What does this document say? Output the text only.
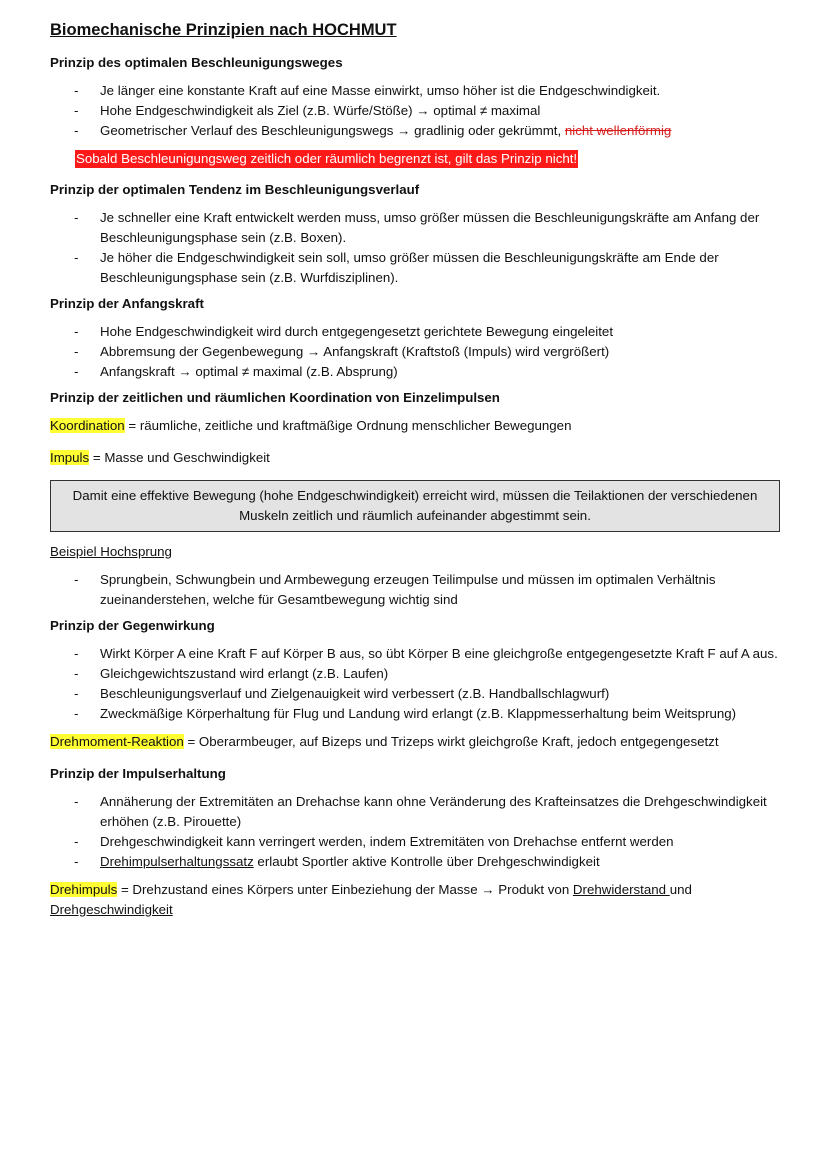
Biomechanische Prinzipien nach HOCHMUT
Prinzip des optimalen Beschleunigungsweges
- Je länger eine konstante Kraft auf eine Masse einwirkt, umso höher ist die Endgeschwindigkeit.
- Hohe Endgeschwindigkeit als Ziel (z.B. Würfe/Stöße) → optimal ≠ maximal
- Geometrischer Verlauf des Beschleunigungswegs → gradlinig oder gekrümmt, nicht wellenförmig
Sobald Beschleunigungsweg zeitlich oder räumlich begrenzt ist, gilt das Prinzip nicht!
Prinzip der optimalen Tendenz im Beschleunigungsverlauf
- Je schneller eine Kraft entwickelt werden muss, umso größer müssen die Beschleunigungskräfte am Anfang der Beschleunigungsphase sein (z.B. Boxen).
- Je höher die Endgeschwindigkeit sein soll, umso größer müssen die Beschleunigungskräfte am Ende der Beschleunigungsphase sein (z.B. Wurfdisziplinen).
Prinzip der Anfangskraft
- Hohe Endgeschwindigkeit wird durch entgegengesetzt gerichtete Bewegung eingeleitet
- Abbremsung der Gegenbewegung → Anfangskraft (Kraftstoß (Impuls) wird vergrößert)
- Anfangskraft → optimal ≠ maximal (z.B. Absprung)
Prinzip der zeitlichen und räumlichen Koordination von Einzelimpulsen

Koordination = räumliche, zeitliche und kraftmäßige Ordnung menschlicher Bewegungen

Impuls = Masse und Geschwindigkeit

Damit eine effektive Bewegung (hohe Endgeschwindigkeit) erreicht wird, müssen die Teilaktionen der verschiedenen Muskeln zeitlich und räumlich aufeinander abgestimmt sein.

Beispiel Hochsprung

- Sprungbein, Schwungbein und Armbewegung erzeugen Teilimpulse und müssen im optimalen Verhältnis zueinanderstehen, welche für Gesamtbewegung wichtig sind
Prinzip der Gegenwirkung
- Wirkt Körper A eine Kraft F auf Körper B aus, so übt Körper B eine gleichgroße entgegengesetzte Kraft F auf A aus.
- Gleichgewichtszustand wird erlangt (z.B. Laufen)
- Beschleunigungsverlauf und Zielgenauigkeit wird verbessert (z.B. Handballschlagwurf)
- Zweckmäßige Körperhaltung für Flug und Landung wird erlangt (z.B. Klappmesserhaltung beim Weitsprung)

Drehmoment-Reaktion = Oberarmbeuger, auf Bizeps und Trizeps wirkt gleichgroße Kraft, jedoch entgegengesetzt

Prinzip der Impulserhaltung
- Annäherung der Extremitäten an Drehachse kann ohne Veränderung des Krafteinsatzes die Drehgeschwindigkeit erhöhen (z.B. Pirouette)
- Drehgeschwindigkeit kann verringert werden, indem Extremitäten von Drehachse entfernt werden
- Drehimpulserhaltungssatz erlaubt Sportler aktive Kontrolle über Drehgeschwindigkeit

Drehimpuls = Drehzustand eines Körpers unter Einbeziehung der Masse → Produkt von Drehwiderstand und Drehgeschwindigkeit
